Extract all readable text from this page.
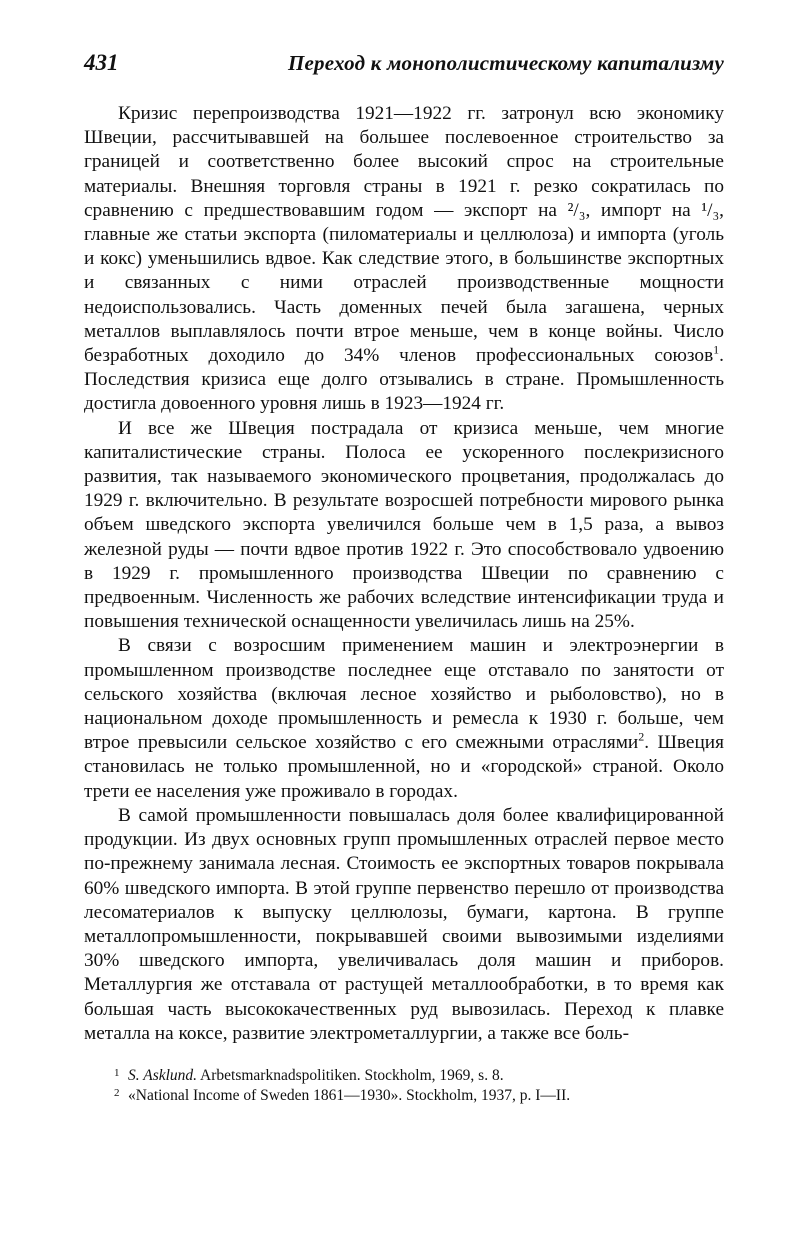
431	Переход к монополистическому капитализму

Кризис перепроизводства 1921—1922 гг. затронул всю экономику Швеции, рассчитывавшей на большее послевоенное строительство за границей и соответственно более высокий спрос на строительные материалы. Внешняя торговля страны в 1921 г. резко сократилась по сравнению с предшествовавшим годом — экспорт на ²/₃, импорт на ¹/₃, главные же статьи экспорта (пиломатериалы и целлюлоза) и импорта (уголь и кокс) уменьшились вдвое. Как следствие этого, в большинстве экспортных и связанных с ними отраслей производственные мощности недоиспользовались. Часть доменных печей была загашена, черных металлов выплавлялось почти втрое меньше, чем в конце войны. Число безработных доходило до 34% членов профессиональных союзов$^1$. Последствия кризиса еще долго отзывались в стране. Промышленность достигла довоенного уровня лишь в 1923—1924 гг.

И все же Швеция пострадала от кризиса меньше, чем многие капиталистические страны. Полоса ее ускоренного послекризисного развития, так называемого экономического процветания, продолжалась до 1929 г. включительно. В результате возросшей потребности мирового рынка объем шведского экспорта увеличился больше чем в 1,5 раза, а вывоз железной руды — почти вдвое против 1922 г. Это способствовало удвоению в 1929 г. промышленного производства Швеции по сравнению с предвоенным. Численность же рабочих вследствие интенсификации труда и повышения технической оснащенности увеличилась лишь на 25%.

В связи с возросшим применением машин и электроэнергии в промышленном производстве последнее еще отставало по занятости от сельского хозяйства (включая лесное хозяйство и рыболовство), но в национальном доходе промышленность и ремесла к 1930 г. больше, чем втрое превысили сельское хозяйство с его смежными отраслями$^2$. Швеция становилась не только промышленной, но и «городской» страной. Около трети ее населения уже проживало в городах.

В самой промышленности повышалась доля более квалифицированной продукции. Из двух основных групп промышленных отраслей первое место по-прежнему занимала лесная. Стоимость ее экспортных товаров покрывала 60% шведского импорта. В этой группе первенство перешло от производства лесоматериалов к выпуску целлюлозы, бумаги, картона. В группе металлопромышленности, покрывавшей своими вывозимыми изделиями 30% шведского импорта, увеличивалась доля машин и приборов. Металлургия же отставала от растущей металлообработки, в то время как большая часть высококачественных руд вывозилась. Переход к плавке металла на коксе, развитие электрометаллургии, а также все боль-

1 S. Asklund. Arbetsmarknadspolitiken. Stockholm, 1969, s. 8.
2 «National Income of Sweden 1861—1930». Stockholm, 1937, p. I—II.
